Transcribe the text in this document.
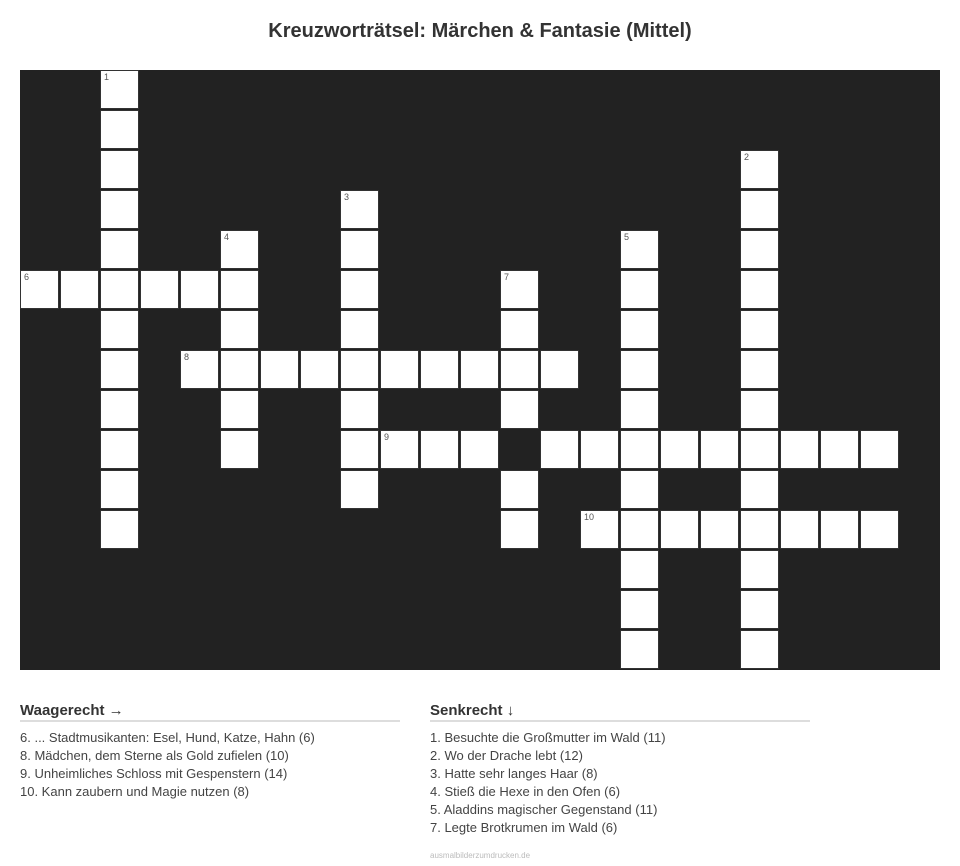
Kreuzworträtsel: Märchen & Fantasie (Mittel)
1
2
3
4	5
6	7
8
9
10
Waagerecht →
6. ... Stadtmusikanten: Esel, Hund, Katze, Hahn (6)
8. Mädchen, dem Sterne als Gold zufielen (10)
9. Unheimliches Schloss mit Gespenstern (14)
10. Kann zaubern und Magie nutzen (8)
Senkrecht ↓
1. Besuchte die Großmutter im Wald (11)
2. Wo der Drache lebt (12)
3. Hatte sehr langes Haar (8)
4. Stieß die Hexe in den Ofen (6)
5. Aladdins magischer Gegenstand (11)
7. Legte Brotkrumen im Wald (6)
ausmalbilderzumdrucken.de
